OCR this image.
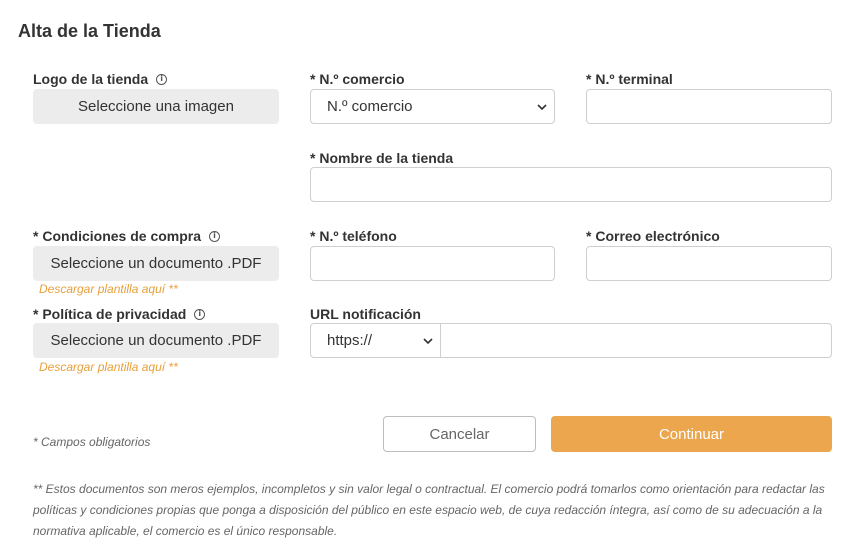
Alta de la Tienda
Logo de la tienda	i
Seleccione una imagen
* N.º comercio
N.º comercio
* N.º terminal
* Nombre de la tienda
* Condiciones de compra	i
Seleccione un documento .PDF
Descargar plantilla aquí **
* N.º teléfono	* Correo electrónico
* Política de privacidad	i
Seleccione un documento .PDF
Descargar plantilla aquí **
URL notificación
https://
* Campos obligatorios	Cancelar	Continuar
** Estos documentos son meros ejemplos, incompletos y sin valor legal o contractual. El comercio podrá tomarlos como orientación para redactar las políticas y condiciones propias que ponga a disposición del público en este espacio web, de cuya redacción íntegra, así como de su adecuación a la normativa aplicable, el comercio es el único responsable.
